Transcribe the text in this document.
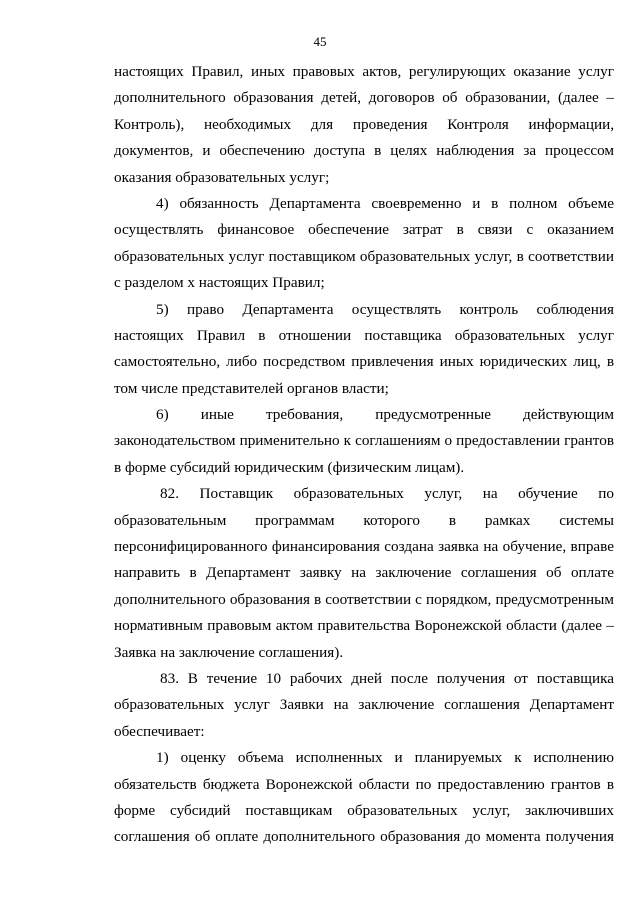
45
настоящих Правил, иных правовых актов, регулирующих оказание услуг
дополнительного образования детей, договоров об образовании, (далее –
Контроль), необходимых для проведения Контроля информации,
документов, и обеспечению доступа в целях наблюдения за процессом
оказания образовательных услуг;
4) обязанность Департамента своевременно и в полном объеме
осуществлять финансовое обеспечение затрат в связи с оказанием
образовательных услуг поставщиком образовательных услуг, в соответствии
с разделом x настоящих Правил;
5) право Департамента осуществлять контроль соблюдения
настоящих Правил в отношении поставщика образовательных услуг
самостоятельно, либо посредством привлечения иных юридических лиц, в
том числе представителей органов власти;
6) иные требования, предусмотренные действующим
законодательством применительно к соглашениям о предоставлении грантов
в форме субсидий юридическим (физическим лицам).
82. Поставщик образовательных услуг, на обучение по
образовательным программам которого в рамках системы
персонифицированного финансирования создана заявка на обучение, вправе
направить в Департамент заявку на заключение соглашения об оплате
дополнительного образования в соответствии с порядком, предусмотренным
нормативным правовым актом правительства Воронежской области (далее –
Заявка на заключение соглашения).
83. В течение 10 рабочих дней после получения от поставщика
образовательных услуг Заявки на заключение соглашения Департамент
обеспечивает:
1) оценку объема исполненных и планируемых к исполнению
обязательств бюджета Воронежской области по предоставлению грантов в
форме субсидий поставщикам образовательных услуг, заключивших
соглашения об оплате дополнительного образования до момента получения
